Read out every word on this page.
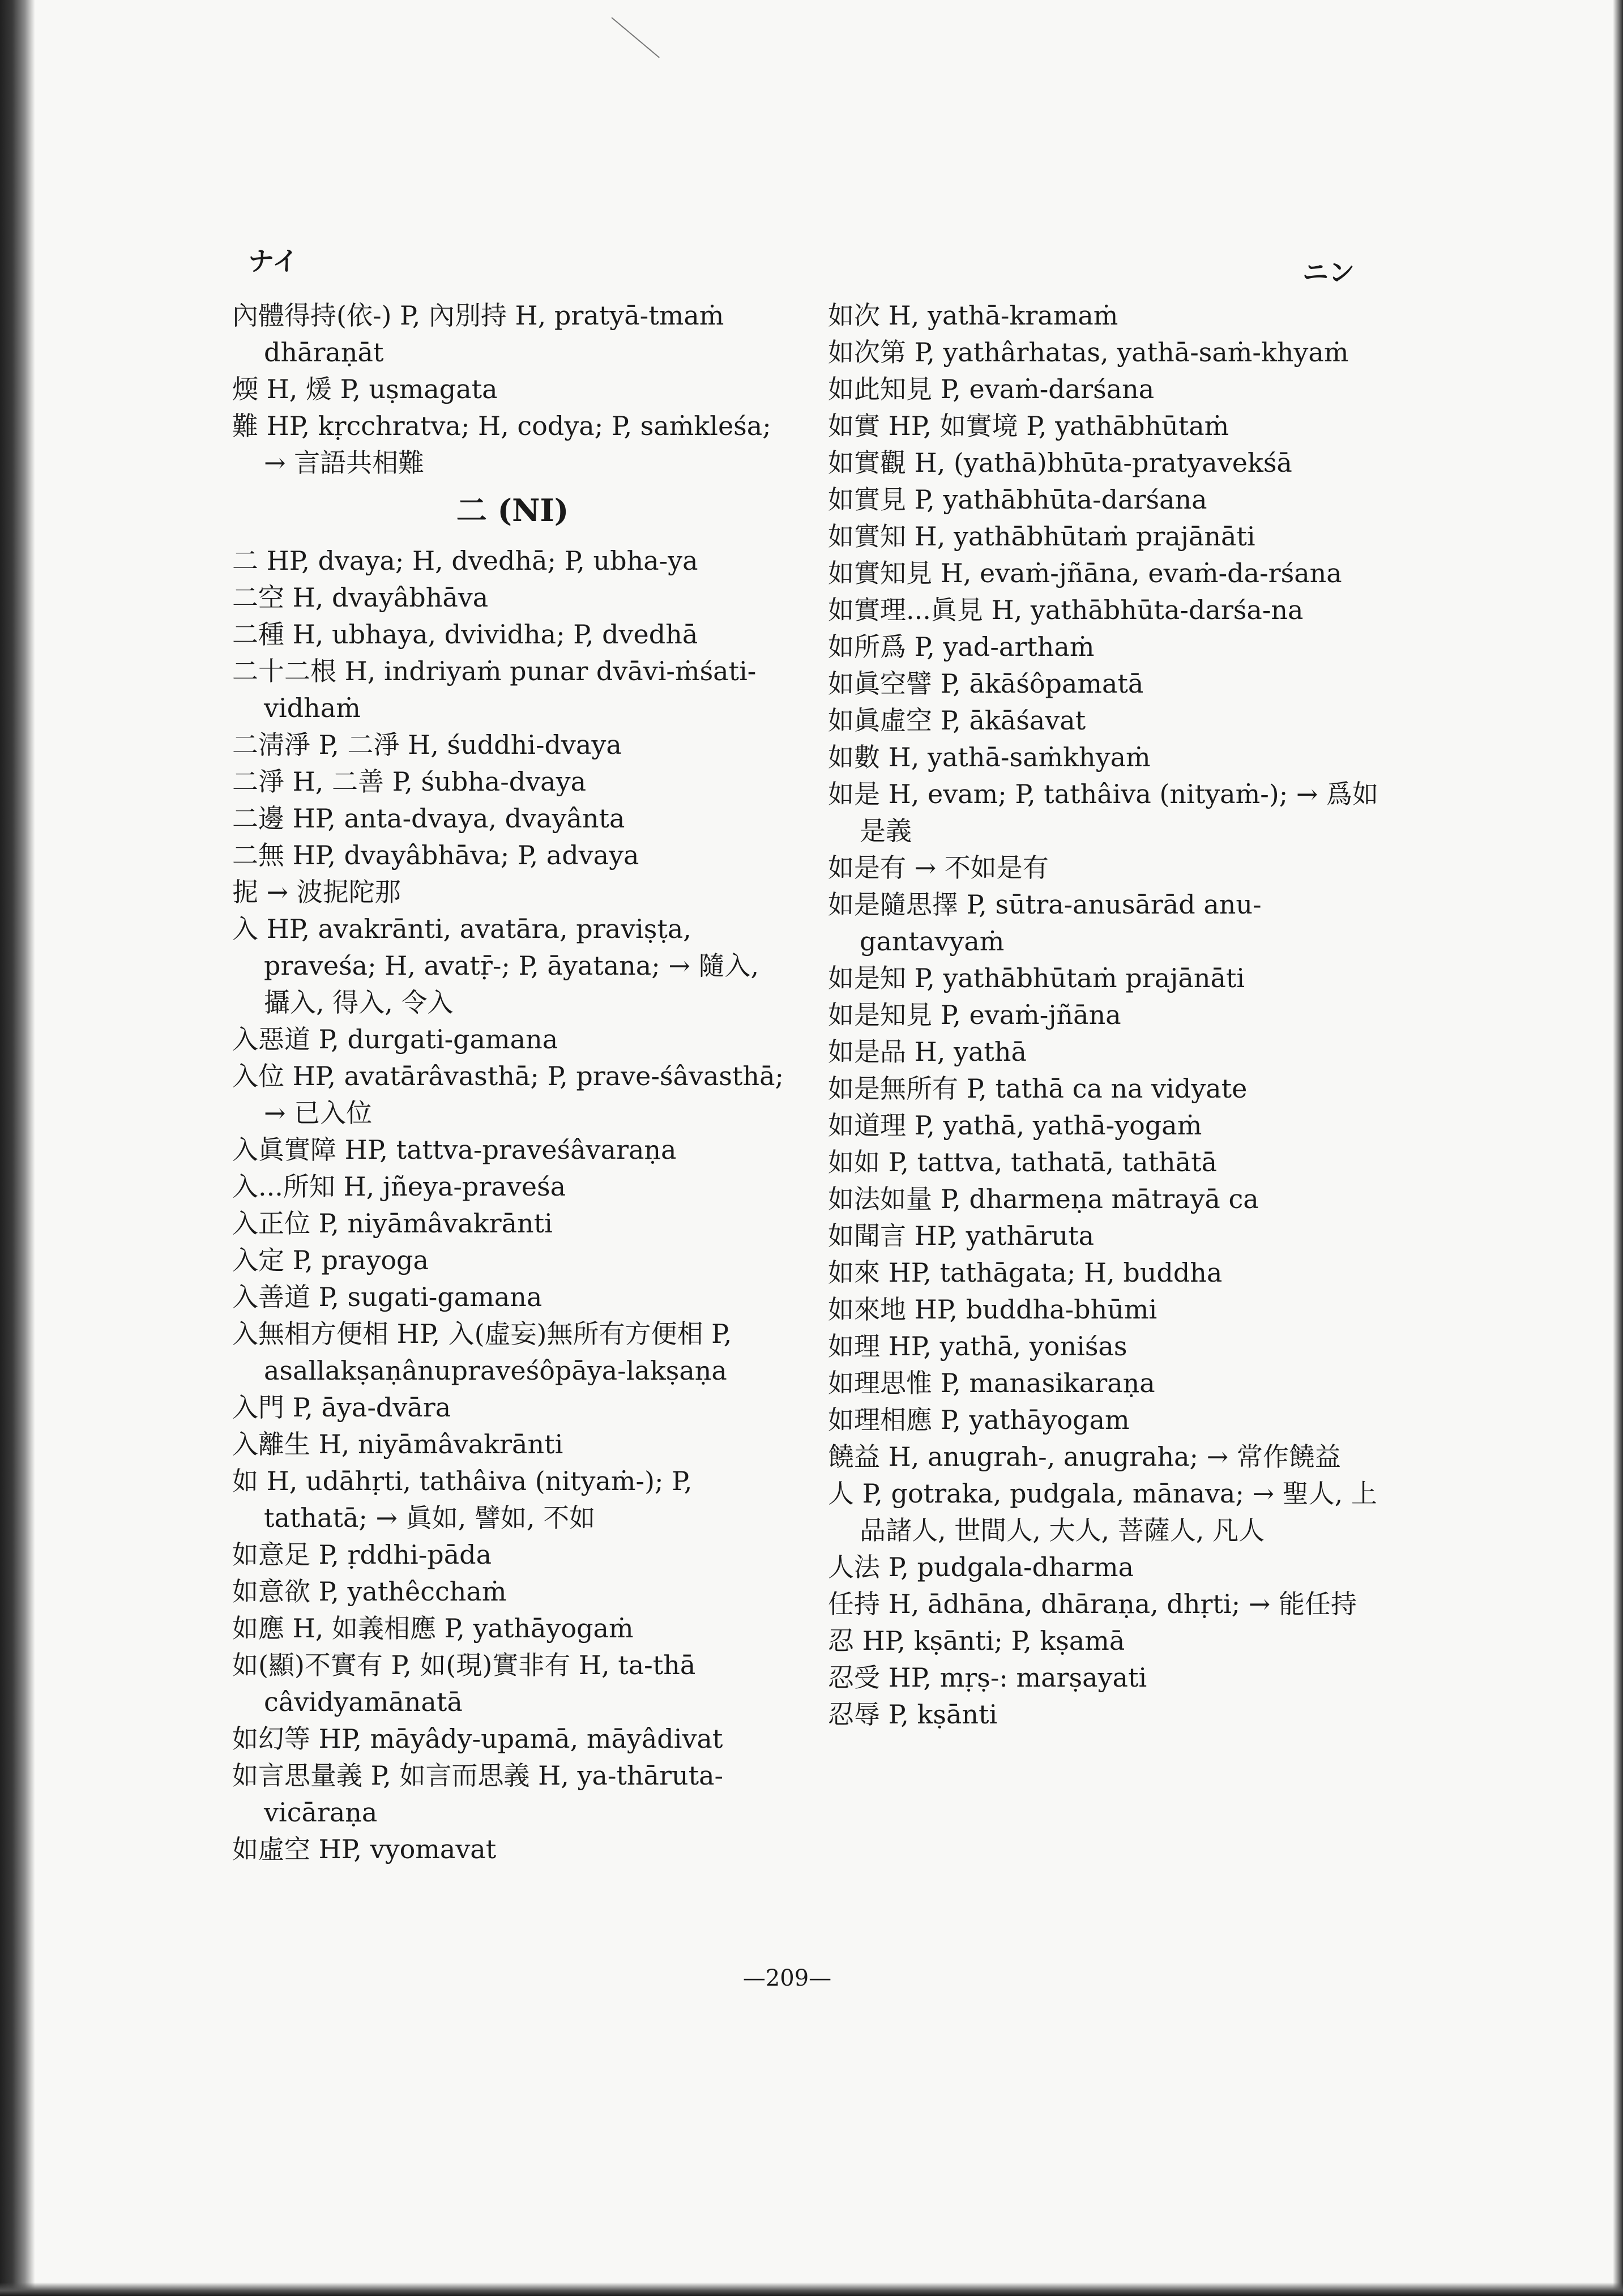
ナイ	ニン
內體得持(依-) P, 內別持 H, pratyā-tmaṁ dhāraṇāt
煗 H, 煖 P, uṣmagata
難 HP, kṛcchratva; H, codya; P, saṁkleśa; → 言語共相難
二 (NI)
二 HP, dvaya; H, dvedhā; P, ubha-ya
二空 H, dvayâbhāva
二種 H, ubhaya, dvividha; P, dvedhā
二十二根 H, indriyaṁ punar dvāvi-ṁśati-vidhaṁ
二淸淨 P, 二淨 H, śuddhi-dvaya
二淨 H, 二善 P, śubha-dvaya
二邊 HP, anta-dvaya, dvayânta
二無 HP, dvayâbhāva; P, advaya
抳 → 波抳陀那
入 HP, avakrānti, avatāra, praviṣṭa, praveśa; H, avatṝ-; P, āyatana; → 隨入, 攝入, 得入, 令入
入惡道 P, durgati-gamana
入位 HP, avatārâvasthā; P, prave-śâvasthā; → 已入位
入眞實障 HP, tattva-praveśâvaraṇa
入...所知 H, jñeya-praveśa
入正位 P, niyāmâvakrānti
入定 P, prayoga
入善道 P, sugati-gamana
入無相方便相 HP, 入(虛妄)無所有方便相 P, asallakṣaṇânupraveśôpāya-lakṣaṇa
入門 P, āya-dvāra
入離生 H, niyāmâvakrānti
如 H, udāhṛti, tathâiva (nityaṁ-); P, tathatā; → 眞如, 譬如, 不如
如意足 P, ṛddhi-pāda
如意欲 P, yathêcchaṁ
如應 H, 如義相應 P, yathāyogaṁ
如(顯)不實有 P, 如(現)實非有 H, ta-thā câvidyamānatā
如幻等 HP, māyâdy-upamā, māyâdivat
如言思量義 P, 如言而思義 H, ya-thāruta-vicāraṇa
如虛空 HP, vyomavat
如次 H, yathā-kramaṁ
如次第 P, yathârhatas, yathā-saṁ-khyaṁ
如此知見 P, evaṁ-darśana
如實 HP, 如實境 P, yathābhūtaṁ
如實觀 H, (yathā)bhūta-pratyavekśā
如實見 P, yathābhūta-darśana
如實知 H, yathābhūtaṁ prajānāti
如實知見 H, evaṁ-jñāna, evaṁ-da-rśana
如實理...眞見 H, yathābhūta-darśa-na
如所爲 P, yad-arthaṁ
如眞空譬 P, ākāśôpamatā
如眞虛空 P, ākāśavat
如數 H, yathā-saṁkhyaṁ
如是 H, evam; P, tathâiva (nityaṁ-); → 爲如是義
如是有 → 不如是有
如是隨思擇 P, sūtra-anusārād anu-gantavyaṁ
如是知 P, yathābhūtaṁ prajānāti
如是知見 P, evaṁ-jñāna
如是品 H, yathā
如是無所有 P, tathā ca na vidyate
如道理 P, yathā, yathā-yogaṁ
如如 P, tattva, tathatā, tathātā
如法如量 P, dharmeṇa mātrayā ca
如聞言 HP, yathāruta
如來 HP, tathāgata; H, buddha
如來地 HP, buddha-bhūmi
如理 HP, yathā, yoniśas
如理思惟 P, manasikaraṇa
如理相應 P, yathāyogam
饒益 H, anugrah-, anugraha; → 常作饒益
人 P, gotraka, pudgala, mānava; → 聖人, 上品諸人, 世間人, 大人, 菩薩人, 凡人
人法 P, pudgala-dharma
任持 H, ādhāna, dhāraṇa, dhṛti; → 能任持
忍 HP, kṣānti; P, kṣamā
忍受 HP, mṛṣ-: marṣayati
忍辱 P, kṣānti
—209—
